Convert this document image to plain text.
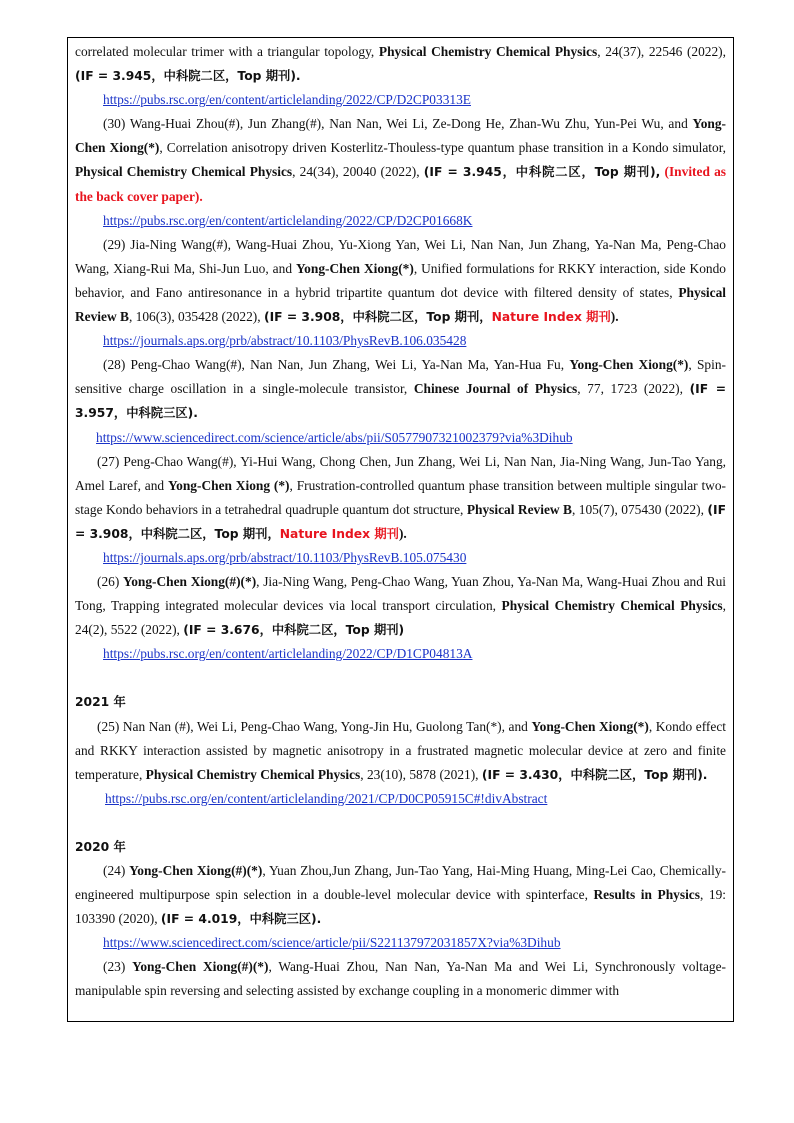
correlated molecular trimer with a triangular topology, Physical Chemistry Chemical Physics, 24(37), 22546 (2022), (IF = 3.945，中科院二区，Top 期刊).

https://pubs.rsc.org/en/content/articlelanding/2022/CP/D2CP03313E

(30) Wang-Huai Zhou(#), Jun Zhang(#), Nan Nan, Wei Li, Ze-Dong He, Zhan-Wu Zhu, Yun-Pei Wu, and Yong-Chen Xiong(*), Correlation anisotropy driven Kosterlitz-Thouless-type quantum phase transition in a Kondo simulator, Physical Chemistry Chemical Physics, 24(34), 20040 (2022), (IF = 3.945，中科院二区，Top 期刊), (Invited as the back cover paper).

https://pubs.rsc.org/en/content/articlelanding/2022/CP/D2CP01668K

(29) Jia-Ning Wang(#), Wang-Huai Zhou, Yu-Xiong Yan, Wei Li, Nan Nan, Jun Zhang, Ya-Nan Ma, Peng-Chao Wang, Xiang-Rui Ma, Shi-Jun Luo, and Yong-Chen Xiong(*), Unified formulations for RKKY interaction, side Kondo behavior, and Fano antiresonance in a hybrid tripartite quantum dot device with filtered density of states, Physical Review B, 106(3), 035428 (2022), (IF = 3.908，中科院二区，Top 期刊，Nature Index 期刊).

https://journals.aps.org/prb/abstract/10.1103/PhysRevB.106.035428

(28) Peng-Chao Wang(#), Nan Nan, Jun Zhang, Wei Li, Ya-Nan Ma, Yan-Hua Fu, Yong-Chen Xiong(*), Spin-sensitive charge oscillation in a single-molecule transistor, Chinese Journal of Physics, 77, 1723 (2022), (IF = 3.957，中科院三区).

https://www.sciencedirect.com/science/article/abs/pii/S0577907321002379?via%3Dihub

(27) Peng-Chao Wang(#), Yi-Hui Wang, Chong Chen, Jun Zhang, Wei Li, Nan Nan, Jia-Ning Wang, Jun-Tao Yang, Amel Laref, and Yong-Chen Xiong (*), Frustration-controlled quantum phase transition between multiple singular two-stage Kondo behaviors in a tetrahedral quadruple quantum dot structure, Physical Review B, 105(7), 075430 (2022), (IF = 3.908，中科院二区，Top 期刊，Nature Index 期刊).

https://journals.aps.org/prb/abstract/10.1103/PhysRevB.105.075430

(26) Yong-Chen Xiong(#)(*), Jia-Ning Wang, Peng-Chao Wang, Yuan Zhou, Ya-Nan Ma, Wang-Huai Zhou and Rui Tong, Trapping integrated molecular devices via local transport circulation, Physical Chemistry Chemical Physics, 24(2), 5522 (2022), (IF = 3.676，中科院二区，Top 期刊)

https://pubs.rsc.org/en/content/articlelanding/2022/CP/D1CP04813A

2021 年

(25) Nan Nan (#), Wei Li, Peng-Chao Wang, Yong-Jin Hu, Guolong Tan(*), and Yong-Chen Xiong(*), Kondo effect and RKKY interaction assisted by magnetic anisotropy in a frustrated magnetic molecular device at zero and finite temperature, Physical Chemistry Chemical Physics, 23(10), 5878 (2021), (IF = 3.430，中科院二区，Top 期刊).

https://pubs.rsc.org/en/content/articlelanding/2021/CP/D0CP05915C#!divAbstract

2020 年

(24) Yong-Chen Xiong(#)(*), Yuan Zhou,Jun Zhang, Jun-Tao Yang, Hai-Ming Huang, Ming-Lei Cao, Chemically-engineered multipurpose spin selection in a double-level molecular device with spinterface, Results in Physics, 19: 103390 (2020), (IF = 4.019，中科院三区).

https://www.sciencedirect.com/science/article/pii/S221137972031857X?via%3Dihub

(23) Yong-Chen Xiong(#)(*), Wang-Huai Zhou, Nan Nan, Ya-Nan Ma and Wei Li, Synchronously voltage-manipulable spin reversing and selecting assisted by exchange coupling in a monomeric dimmer with
